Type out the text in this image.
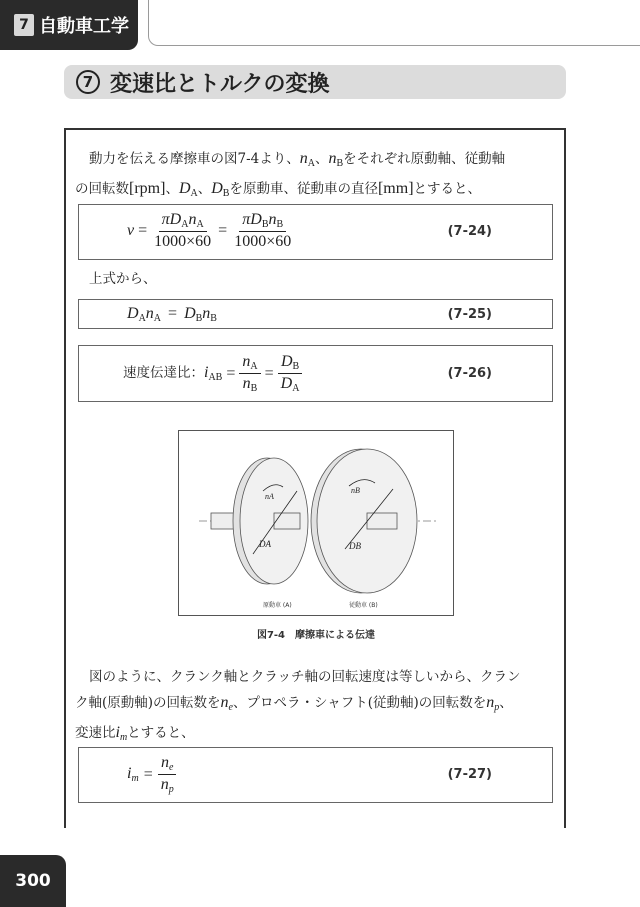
7 自動車工学
7 変速比とトルクの変換
動力を伝える摩擦車の図7-4より、$n_A$、$n_B$をそれぞれ原動軸、従動軸
の回転数[rpm]、$D_A$、$D_B$を原動車、従動車の直径[mm]とすると、
$v = \frac{\pi D_An_A}{1000\times 60} = \frac{\pi D_Bn_B}{1000\times 60}$	(7-24)
上式から、
$D_An_A = D_Bn_B$	(7-25)
速度伝達比： $i_{AB} = \frac{n_A}{n_B} = \frac{D_B}{D_A}$	(7-26)
nA
DA
nB
DB
原動車 (A)	従動車 (B)
図7-4　摩擦車による伝達
図のように、クランク軸とクラッチ軸の回転速度は等しいから、クラン
ク軸(原動軸)の回転数を$n_e$、プロペラ・シャフト(従動軸)の回転数を$n_p$、
変速比$i_m$とすると、
$i_m = \frac{n_e}{n_p}$	(7-27)
300
